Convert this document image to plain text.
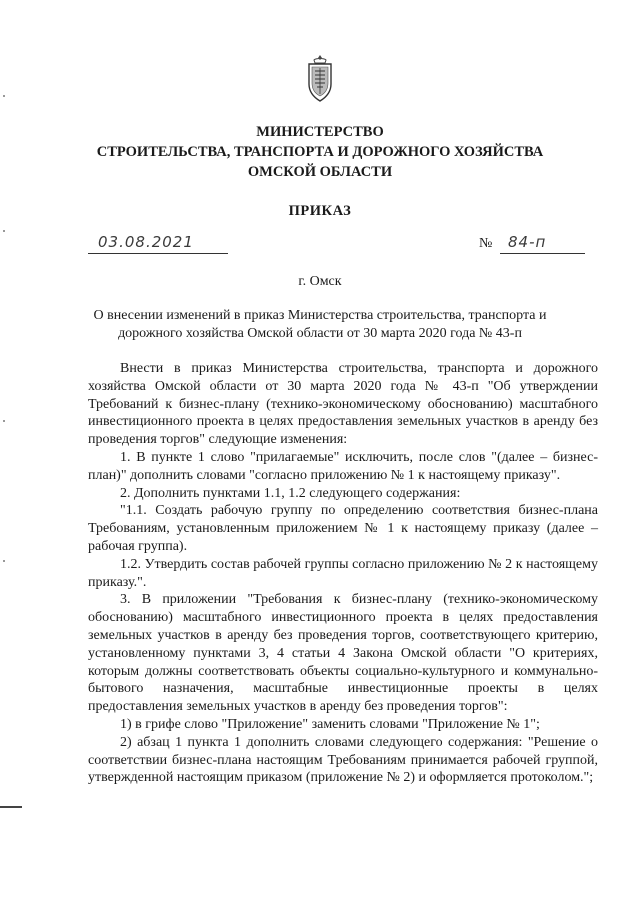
МИНИСТЕРСТВО
СТРОИТЕЛЬСТВА, ТРАНСПОРТА И ДОРОЖНОГО ХОЗЯЙСТВА
ОМСКОЙ ОБЛАСТИ
ПРИКАЗ
03.08.2021	№ 84-п
г. Омск
О внесении изменений в приказ Министерства строительства, транспорта и дорожного хозяйства Омской области от 30 марта 2020 года № 43-п

Внести в приказ Министерства строительства, транспорта и дорожного хозяйства Омской области от 30 марта 2020 года № 43-п "Об утверждении Требований к бизнес-плану (технико-экономическому обоснованию) масштабного инвестиционного проекта в целях предоставления земельных участков в аренду без проведения торгов" следующие изменения:

1. В пункте 1 слово "прилагаемые" исключить, после слов "(далее – бизнес-план)" дополнить словами "согласно приложению № 1 к настоящему приказу".

2. Дополнить пунктами 1.1, 1.2 следующего содержания:

"1.1. Создать рабочую группу по определению соответствия бизнес-плана Требованиям, установленным приложением № 1 к настоящему приказу (далее – рабочая группа).

1.2. Утвердить состав рабочей группы согласно приложению № 2 к настоящему приказу.".

3. В приложении "Требования к бизнес-плану (технико-экономическому обоснованию) масштабного инвестиционного проекта в целях предоставления земельных участков в аренду без проведения торгов, соответствующего критерию, установленному пунктами 3, 4 статьи 4 Закона Омской области "О критериях, которым должны соответствовать объекты социально-культурного и коммунально-бытового назначения, масштабные инвестиционные проекты в целях предоставления земельных участков в аренду без проведения торгов":

1) в грифе слово "Приложение" заменить словами "Приложение № 1";

2) абзац 1 пункта 1 дополнить словами следующего содержания: "Решение о соответствии бизнес-плана настоящим Требованиям принимается рабочей группой, утвержденной настоящим приказом (приложение № 2) и оформляется протоколом.";
